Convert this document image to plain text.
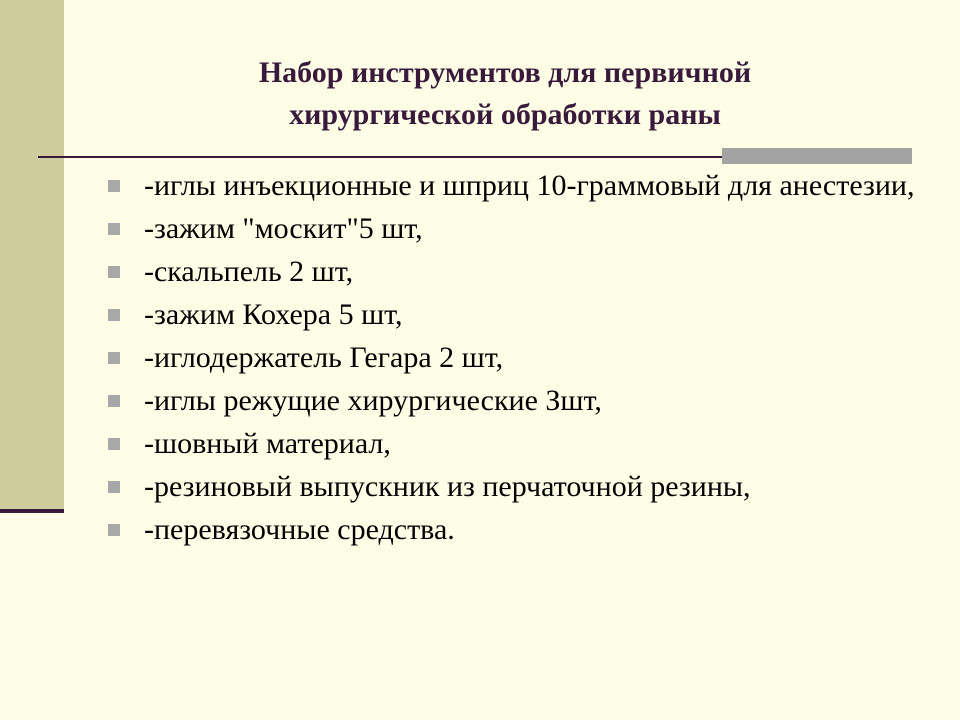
Набор инструментов для первичной
хирургической обработки раны
-иглы инъекционные и шприц 10-граммовый для анестезии,
-зажим "москит"5 шт,
-скальпель 2 шт,
-зажим Кохера 5 шт,
-иглодержатель Гегара 2 шт,
-иглы режущие хирургические Зшт,
-шовный материал,
-резиновый выпускник из перчаточной резины,
-перевязочные средства.
